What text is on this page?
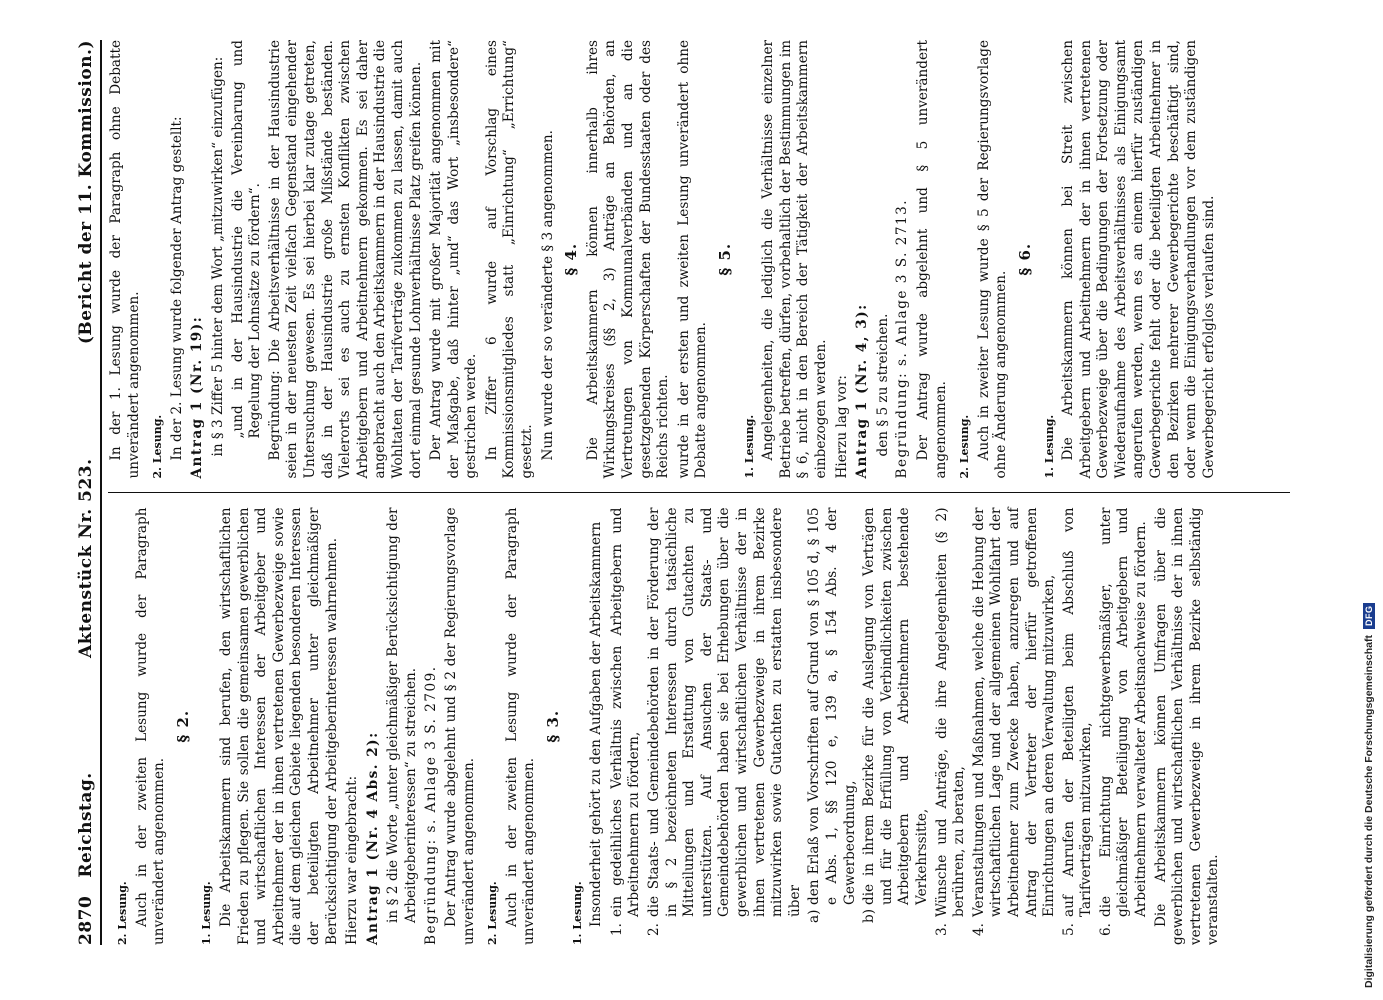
2870
Reichstag.
Aktenstück Nr. 523.
(Bericht der 11. Kommission.)
2. Lesung. Auch in der zweiten Lesung wurde der Paragraph unverändert angenommen.

§ 2.
1. Lesung. Die Arbeitskammern sind berufen, den wirtschaftlichen Frieden zu pflegen. Sie sollen die gemeinsamen gewerblichen und wirtschaftlichen Interessen der Arbeitgeber und Arbeitnehmer der in ihnen vertretenen Gewerbezweige sowie die auf dem gleichen Gebiete liegenden besonderen Interessen der beteiligten Arbeitnehmer unter gleichmäßiger Berücksichtigung der Arbeitgeberinteressen wahrnehmen. Hierzu war eingebracht: Antrag 1 (Nr. 4 Abs. 2): in § 2 die Worte „unter gleichmäßiger Berücksichtigung der Arbeitgeberinteressen“ zu streichen. Begründung: s. Anlage 3 S. 2709. Der Antrag wurde abgelehnt und § 2 der Regierungsvorlage unverändert angenommen. 2. Lesung. Auch in der zweiten Lesung wurde der Paragraph unverändert angenommen.

§ 3.
1. Lesung. Insonderheit gehört zu den Aufgaben der Arbeitskammern

1.
ein gedeihliches Verhältnis zwischen Arbeitgebern und Arbeitnehmern zu fördern,
2.
die Staats- und Gemeindebehörden in der Förderung der in § 2 bezeichneten Interessen durch tatsächliche Mitteilungen und Erstattung von Gutachten zu unterstützen. Auf Ansuchen der Staats- und Gemeindebehörden haben sie bei Erhebungen über die gewerblichen und wirtschaftlichen Verhältnisse der in ihnen vertretenen Gewerbezweige in ihrem Bezirke mitzuwirken sowie Gutachten zu erstatten insbesondere über a)
den Erlaß von Vorschriften auf Grund von § 105 d, § 105 e Abs. 1, §§ 120 e, 139 a, § 154 Abs. 4 der Gewerbeordnung,
b)
die in ihrem Bezirke für die Auslegung von Verträgen und für die Erfüllung von Verbindlichkeiten zwischen Arbeitgebern und Arbeitnehmern bestehende Verkehrssitte,
3.
Wünsche und Anträge, die ihre Angelegenheiten (§ 2) berühren, zu beraten,
4.
Veranstaltungen und Maßnahmen, welche die Hebung der wirtschaftlichen Lage und der allgemeinen Wohlfahrt der Arbeitnehmer zum Zwecke haben, anzuregen und auf Antrag der Vertreter der hierfür getroffenen Einrichtungen an deren Verwaltung mitzuwirken,
5.
auf Anrufen der Beteiligten beim Abschluß von Tarifverträgen mitzuwirken,
6.
die Einrichtung nichtgewerbsmäßiger, unter gleichmäßiger Beteiligung von Arbeitgebern und Arbeitnehmern verwalteter Arbeitsnachweise zu fördern. Die Arbeitskammern können Umfragen über die gewerblichen und wirtschaftlichen Verhältnisse der in ihnen vertretenen Gewerbezweige in ihrem Bezirke selbständig veranstalten.

In der 1. Lesung wurde der Paragraph ohne Debatte unverändert angenommen. 2. Lesung. In der 2. Lesung wurde folgender Antrag gestellt: Antrag 1 (Nr. 19): in § 3 Ziffer 5 hinter dem Wort „mitzuwirken“ einzufügen: „und in der Hausindustrie die Vereinbarung und Regelung der Lohnsätze zu fördern“. Begründung: Die Arbeitsverhältnisse in der Hausindustrie seien in der neuesten Zeit vielfach Gegenstand eingehender Untersuchung gewesen. Es sei hierbei klar zutage getreten, daß in der Hausindustrie große Mißstände beständen. Vielerorts sei es auch zu ernsten Konflikten zwischen Arbeitgebern und Arbeitnehmern gekommen. Es sei daher angebracht auch den Arbeitskammern in der Hausindustrie die Wohltaten der Tarifverträge zukommen zu lassen, damit auch dort einmal gesunde Lohnverhältnisse Platz greifen können. Der Antrag wurde mit großer Majorität angenommen mit der Maßgabe, daß hinter „und“ das Wort „insbesondere“ gestrichen werde. In Ziffer 6 wurde auf Vorschlag eines Kommissionsmitgliedes statt „Einrichtung“ „Errichtung“ gesetzt. Nun wurde der so veränderte § 3 angenommen. § 4. Die Arbeitskammern können innerhalb ihres Wirkungskreises (§§ 2, 3) Anträge an Behörden, an Vertretungen von Kommunalverbänden und an die gesetzgebenden Körperschaften der Bundesstaaten oder des Reichs richten. wurde in der ersten und zweiten Lesung unverändert ohne Debatte angenommen.

§ 5.
1. Lesung. Angelegenheiten, die lediglich die Verhältnisse einzelner Betriebe betreffen, dürfen, vorbehaltlich der Bestimmungen im § 6, nicht in den Bereich der Tätigkeit der Arbeitskammern einbezogen werden. Hierzu lag vor: Antrag 1 (Nr. 4, 3): den § 5 zu streichen. Begründung: s. Anlage 3 S. 2713. Der Antrag wurde abgelehnt und § 5 unverändert angenommen. 2. Lesung. Auch in zweiter Lesung wurde § 5 der Regierungsvorlage ohne Änderung angenommen.

§ 6.
1. Lesung. Die Arbeitskammern können bei Streit zwischen Arbeitgebern und Arbeitnehmern der in ihnen vertretenen Gewerbezweige über die Bedingungen der Fortsetzung oder Wiederaufnahme des Arbeitsverhältnisses als Einigungsamt angerufen werden, wenn es an einem hierfür zuständigen Gewerbegerichte fehlt oder die beteiligten Arbeitnehmer in den Bezirken mehrerer Gewerbegerichte beschäftigt sind, oder wenn die Einigungsverhandlungen vor dem zuständigen Gewerbegericht erfolglos verlaufen sind.

Digitalisierung gefördert durch die Deutsche Forschungsgemeinschaft
DFG
